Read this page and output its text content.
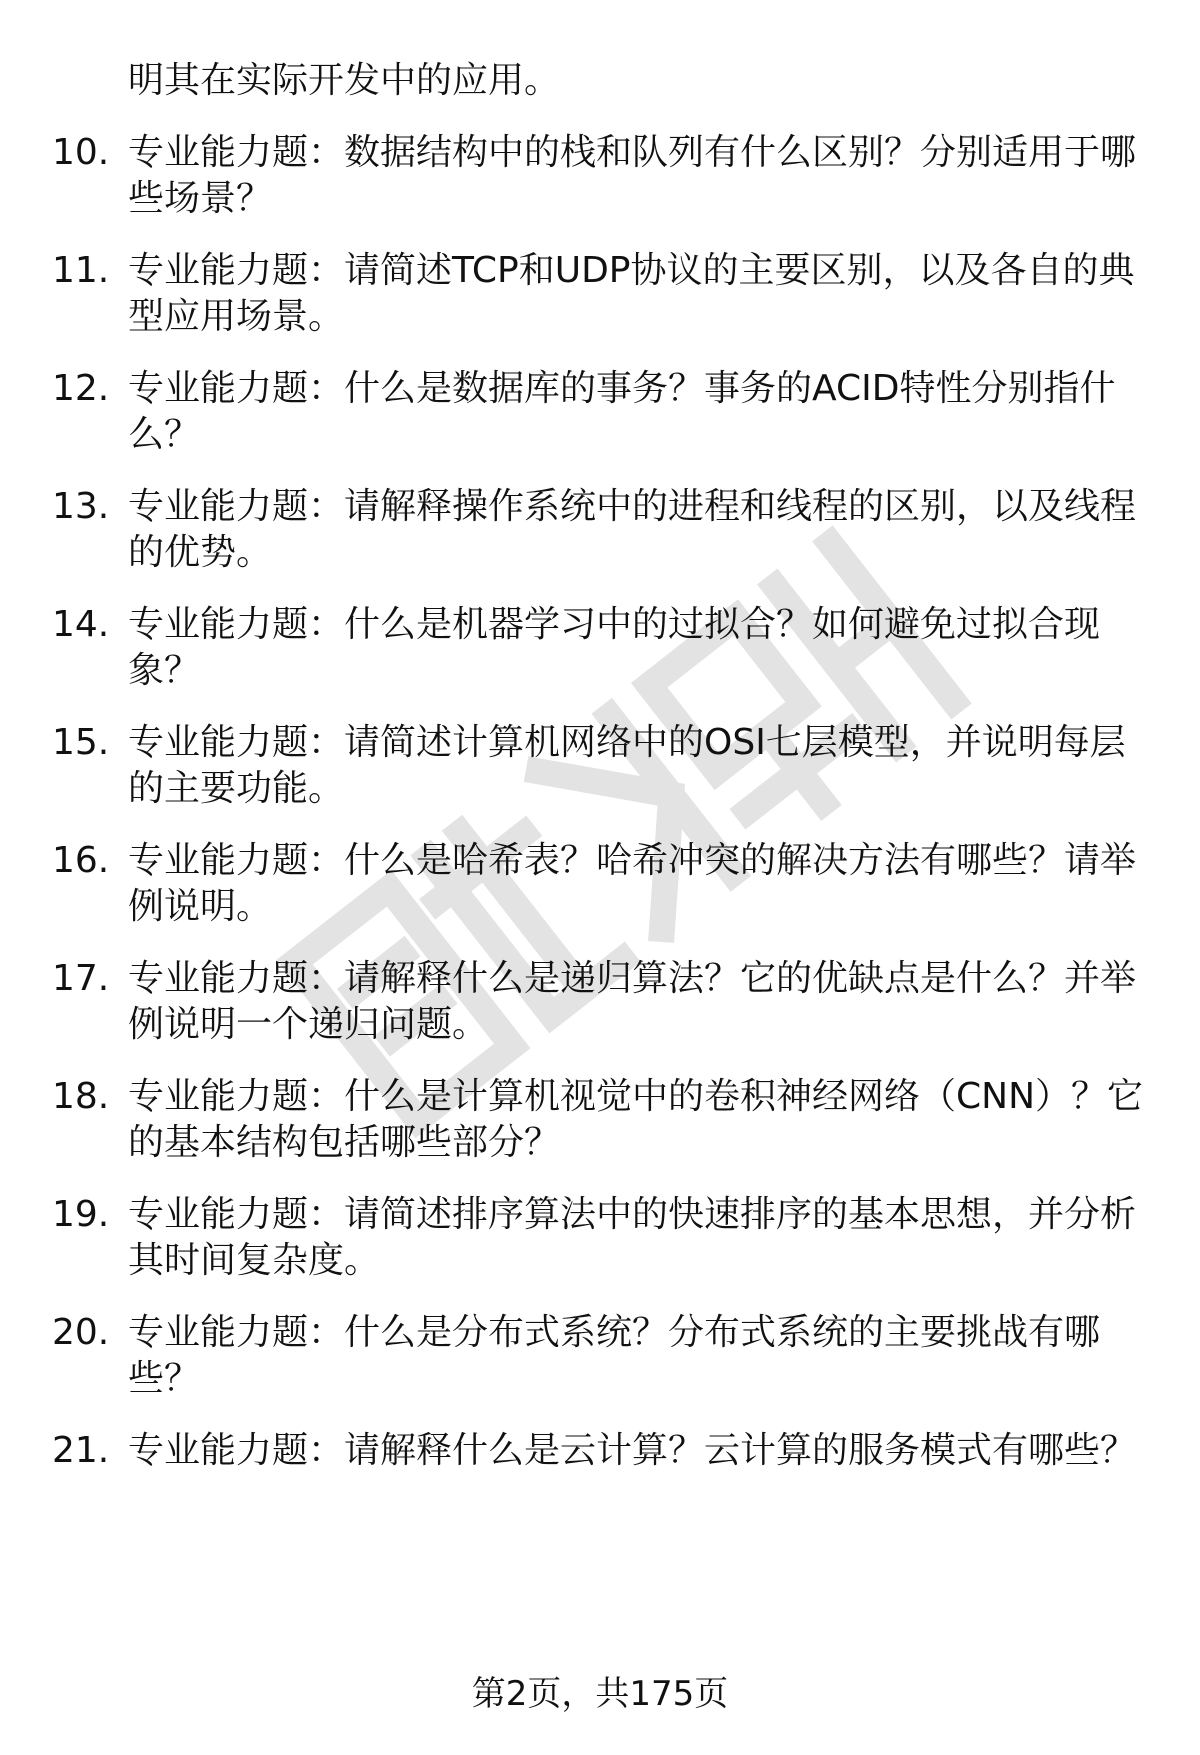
明其在实际开发中的应用。
10. 专业能力题：数据结构中的栈和队列有什么区别？分别适用于哪些场景？
11. 专业能力题：请简述TCP和UDP协议的主要区别，以及各自的典型应用场景。
12. 专业能力题：什么是数据库的事务？事务的ACID特性分别指什么？
13. 专业能力题：请解释操作系统中的进程和线程的区别，以及线程的优势。
14. 专业能力题：什么是机器学习中的过拟合？如何避免过拟合现象？
15. 专业能力题：请简述计算机网络中的OSI七层模型，并说明每层的主要功能。
16. 专业能力题：什么是哈希表？哈希冲突的解决方法有哪些？请举例说明。
17. 专业能力题：请解释什么是递归算法？它的优缺点是什么？并举例说明一个递归问题。
18. 专业能力题：什么是计算机视觉中的卷积神经网络（CNN）？它的基本结构包括哪些部分？
19. 专业能力题：请简述排序算法中的快速排序的基本思想，并分析其时间复杂度。
20. 专业能力题：什么是分布式系统？分布式系统的主要挑战有哪些？
21. 专业能力题：请解释什么是云计算？云计算的服务模式有哪些？
第2页，共175页
